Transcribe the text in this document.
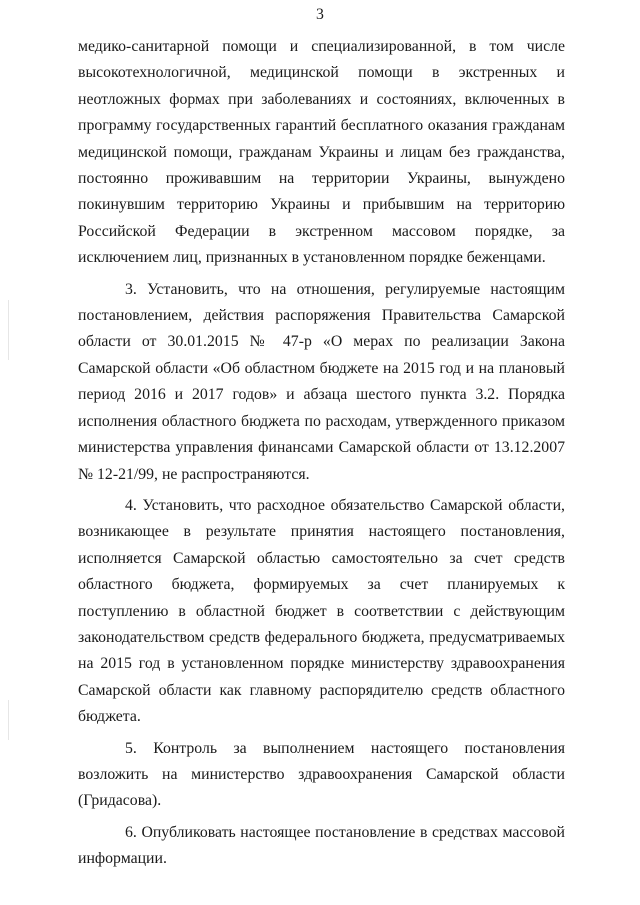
3

медико-санитарной помощи и специализированной, в том числе высокотехнологичной, медицинской помощи в экстренных и неотложных формах при заболеваниях и состояниях, включенных в программу государственных гарантий бесплатного оказания гражданам медицинской помощи, гражданам Украины и лицам без гражданства, постоянно проживавшим на территории Украины, вынуждено покинувшим территорию Украины и прибывшим на территорию Российской Федерации в экстренном массовом порядке, за исключением лиц, признанных в установленном порядке беженцами.

3. Установить, что на отношения, регулируемые настоящим постановлением, действия распоряжения Правительства Самарской области от 30.01.2015 № 47-р «О мерах по реализации Закона Самарской области «Об областном бюджете на 2015 год и на плановый период 2016 и 2017 годов» и абзаца шестого пункта 3.2. Порядка исполнения областного бюджета по расходам, утвержденного приказом министерства управления финансами Самарской области от 13.12.2007 № 12-21/99, не распространяются.

4. Установить, что расходное обязательство Самарской области, возникающее в результате принятия настоящего постановления, исполняется Самарской областью самостоятельно за счет средств областного бюджета, формируемых за счет планируемых к поступлению в областной бюджет в соответствии с действующим законодательством средств федерального бюджета, предусматриваемых на 2015 год в установленном порядке министерству здравоохранения Самарской области как главному распорядителю средств областного бюджета.

5. Контроль за выполнением настоящего постановления возложить на министерство здравоохранения Самарской области (Гридасова).

6. Опубликовать настоящее постановление в средствах массовой информации.
